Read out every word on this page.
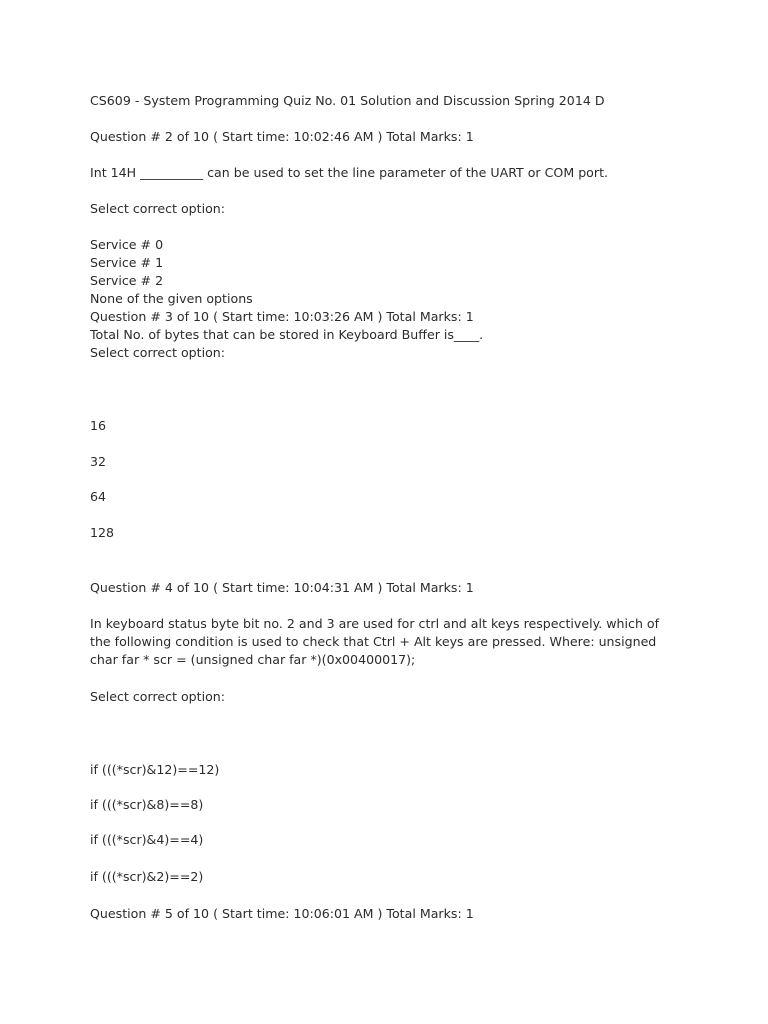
CS609 - System Programming Quiz No. 01 Solution and Discussion Spring 2014 D
Question # 2 of 10 ( Start time: 10:02:46 AM ) Total Marks: 1
Int 14H __________ can be used to set the line parameter of the UART or COM port.
Select correct option:
Service # 0
Service # 1
Service # 2
None of the given options
Question # 3 of 10 ( Start time: 10:03:26 AM ) Total Marks: 1
Total No. of bytes that can be stored in Keyboard Buffer is____.
Select correct option:
16
32
64
128
Question # 4 of 10 ( Start time: 10:04:31 AM ) Total Marks: 1
In keyboard status byte bit no. 2 and 3 are used for ctrl and alt keys respectively. which of
the following condition is used to check that Ctrl + Alt keys are pressed. Where: unsigned
char far * scr = (unsigned char far *)(0x00400017);
Select correct option:
if (((*scr)&12)==12)
if (((*scr)&8)==8)
if (((*scr)&4)==4)
if (((*scr)&2)==2)
Question # 5 of 10 ( Start time: 10:06:01 AM ) Total Marks: 1
